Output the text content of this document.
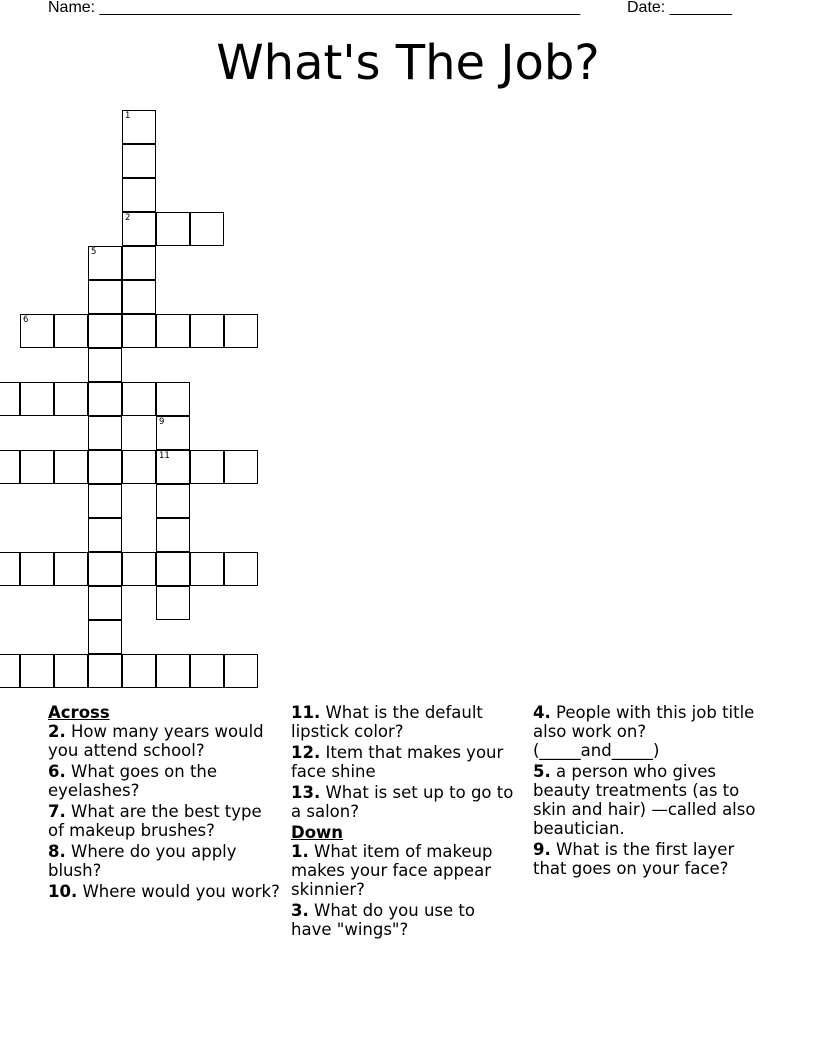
Name: ______________________________________________________	Date: _______
What's The Job?
1
2
5
6
9
11

Across

2. How many years would you attend school?

6. What goes on the eyelashes?

7. What are the best type of makeup brushes?

8. Where do you apply blush?

10. Where would you work?

11. What is the default lipstick color?

12. Item that makes your face shine

13. What is set up to go to a salon?

Down

1. What item of makeup makes your face appear skinnier?

3. What do you use to have "wings"?

4. People with this job title also work on? (_____and_____)

5. a person who gives beauty treatments (as to skin and hair) —called also beautician.

9. What is the first layer that goes on your face?
